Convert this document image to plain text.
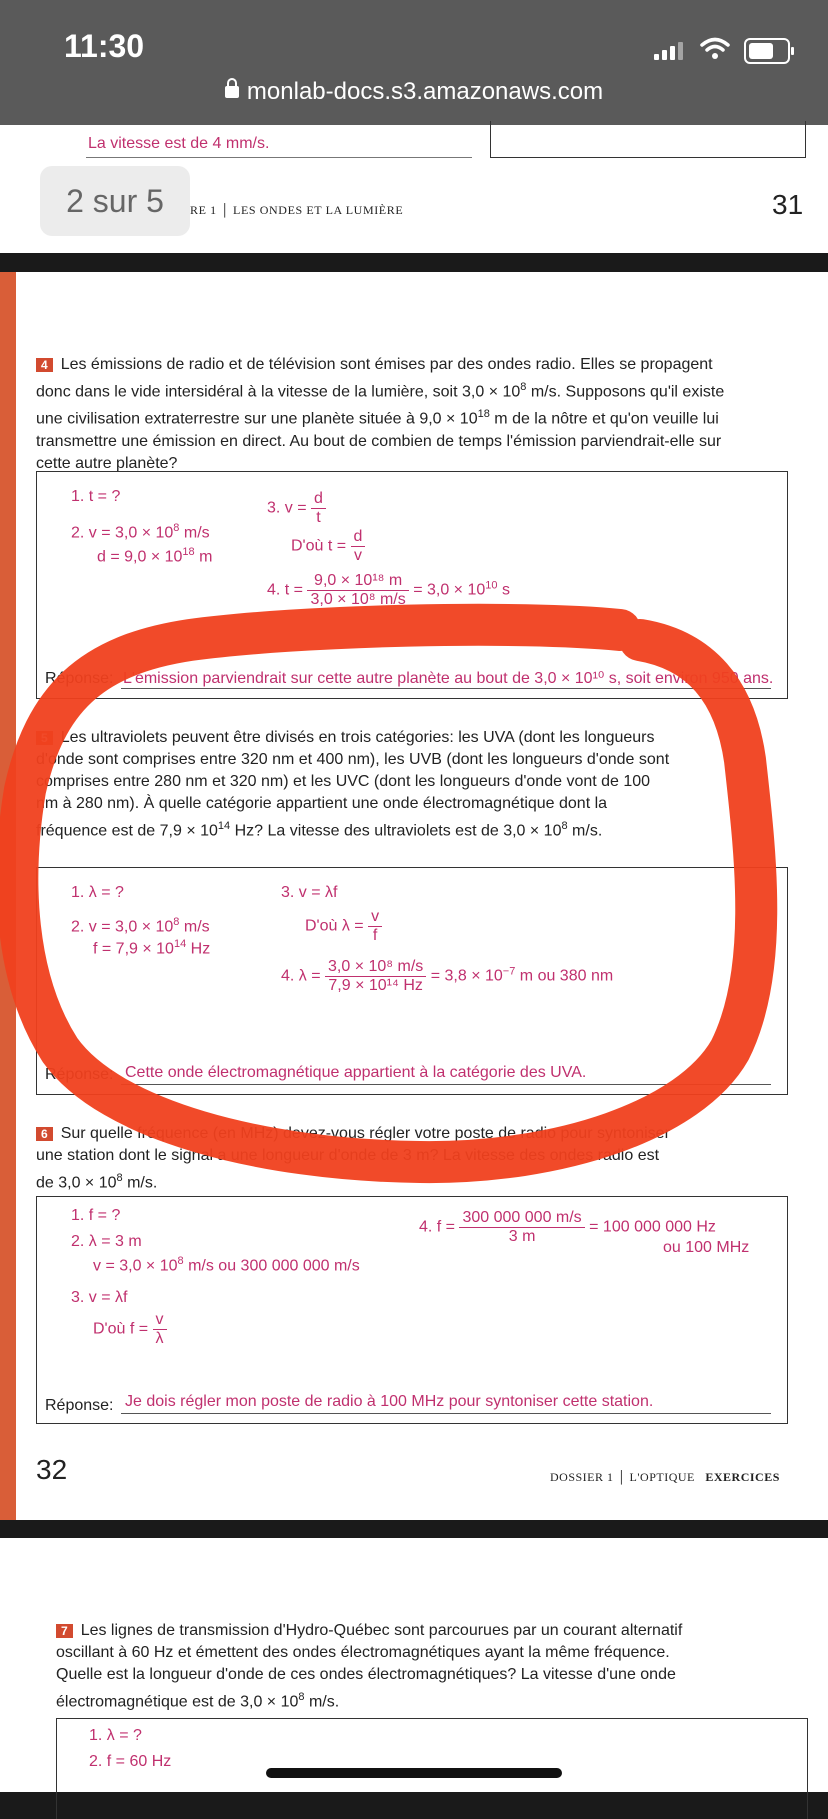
11:30
monlab-docs.s3.amazonaws.com
La vitesse est de 4 mm/s.
RE 1 │ LES ONDES ET LA LUMIÈRE	31
2 sur 5
4 Les émissions de radio et de télévision sont émises par des ondes radio. Elles se propagent donc dans le vide intersidéral à la vitesse de la lumière, soit $3,0 \times 10^8$ m/s. Supposons qu'il existe une civilisation extraterrestre sur une planète située à $9,0 \times 10^{18}$ m de la nôtre et qu'on veuille lui transmettre une émission en direct. Au bout de combien de temps l'émission parviendrait-elle sur cette autre planète?
1. t = ?
2. $v = 3,0 \times 10^8$ m/s
$d = 9,0 \times 10^{18}$ m
3. $v = \frac{d}{t}$
D'où $t = \frac{d}{v}$
4. $t = \frac{\text{9,0 × 10¹⁸ m}}{\text{3,0 × 10⁸ m/s}} = 3,0 \times 10^{10}$ s
Réponse: L'émission parviendrait sur cette autre planète au bout de 3,0 × 10¹⁰ s, soit environ 950 ans.
5 Les ultraviolets peuvent être divisés en trois catégories: les UVA (dont les longueurs d'onde sont comprises entre 320 nm et 400 nm), les UVB (dont les longueurs d'onde sont comprises entre 280 nm et 320 nm) et les UVC (dont les longueurs d'onde vont de 100 nm à 280 nm). À quelle catégorie appartient une onde électromagnétique dont la fréquence est de $7,9 \times 10^{14}$ Hz? La vitesse des ultraviolets est de $3,0 \times 10^8$ m/s.
1. λ = ?
2. $v = 3,0 \times 10^8$ m/s
$f = 7,9 \times 10^{14}$ Hz
3. v = λf
D'où $\lambda = \frac{v}{f}$
4. $\lambda = \frac{\text{3,0 × 10⁸ m/s}}{\text{7,9 × 10¹⁴ Hz}} = 3,8 \times 10^{-7}$ m ou 380 nm
Réponse: Cette onde électromagnétique appartient à la catégorie des UVA.
6 Sur quelle fréquence (en MHz) devez-vous régler votre poste de radio pour syntoniser une station dont le signal a une longueur d'onde de 3 m? La vitesse des ondes radio est de $3,0 \times 10^8$ m/s.
1. f = ?
2. λ = 3 m
$v = 3,0 \times 10^8$ m/s ou 300 000 000 m/s
3. v = λf
D'où $f = \frac{v}{\lambda}$
4. $f = \frac{300 000 000 m/s}{3 m} = 100$ 000 000 Hz
ou 100 MHz
Réponse: Je dois régler mon poste de radio à 100 MHz pour syntoniser cette station.
32	DOSSIER 1 │ L'OPTIQUE EXERCICES
7 Les lignes de transmission d'Hydro-Québec sont parcourues par un courant alternatif oscillant à 60 Hz et émettent des ondes électromagnétiques ayant la même fréquence. Quelle est la longueur d'onde de ces ondes électromagnétiques? La vitesse d'une onde électromagnétique est de $3,0 \times 10^8$ m/s.
1. λ = ?
2. f = 60 Hz
